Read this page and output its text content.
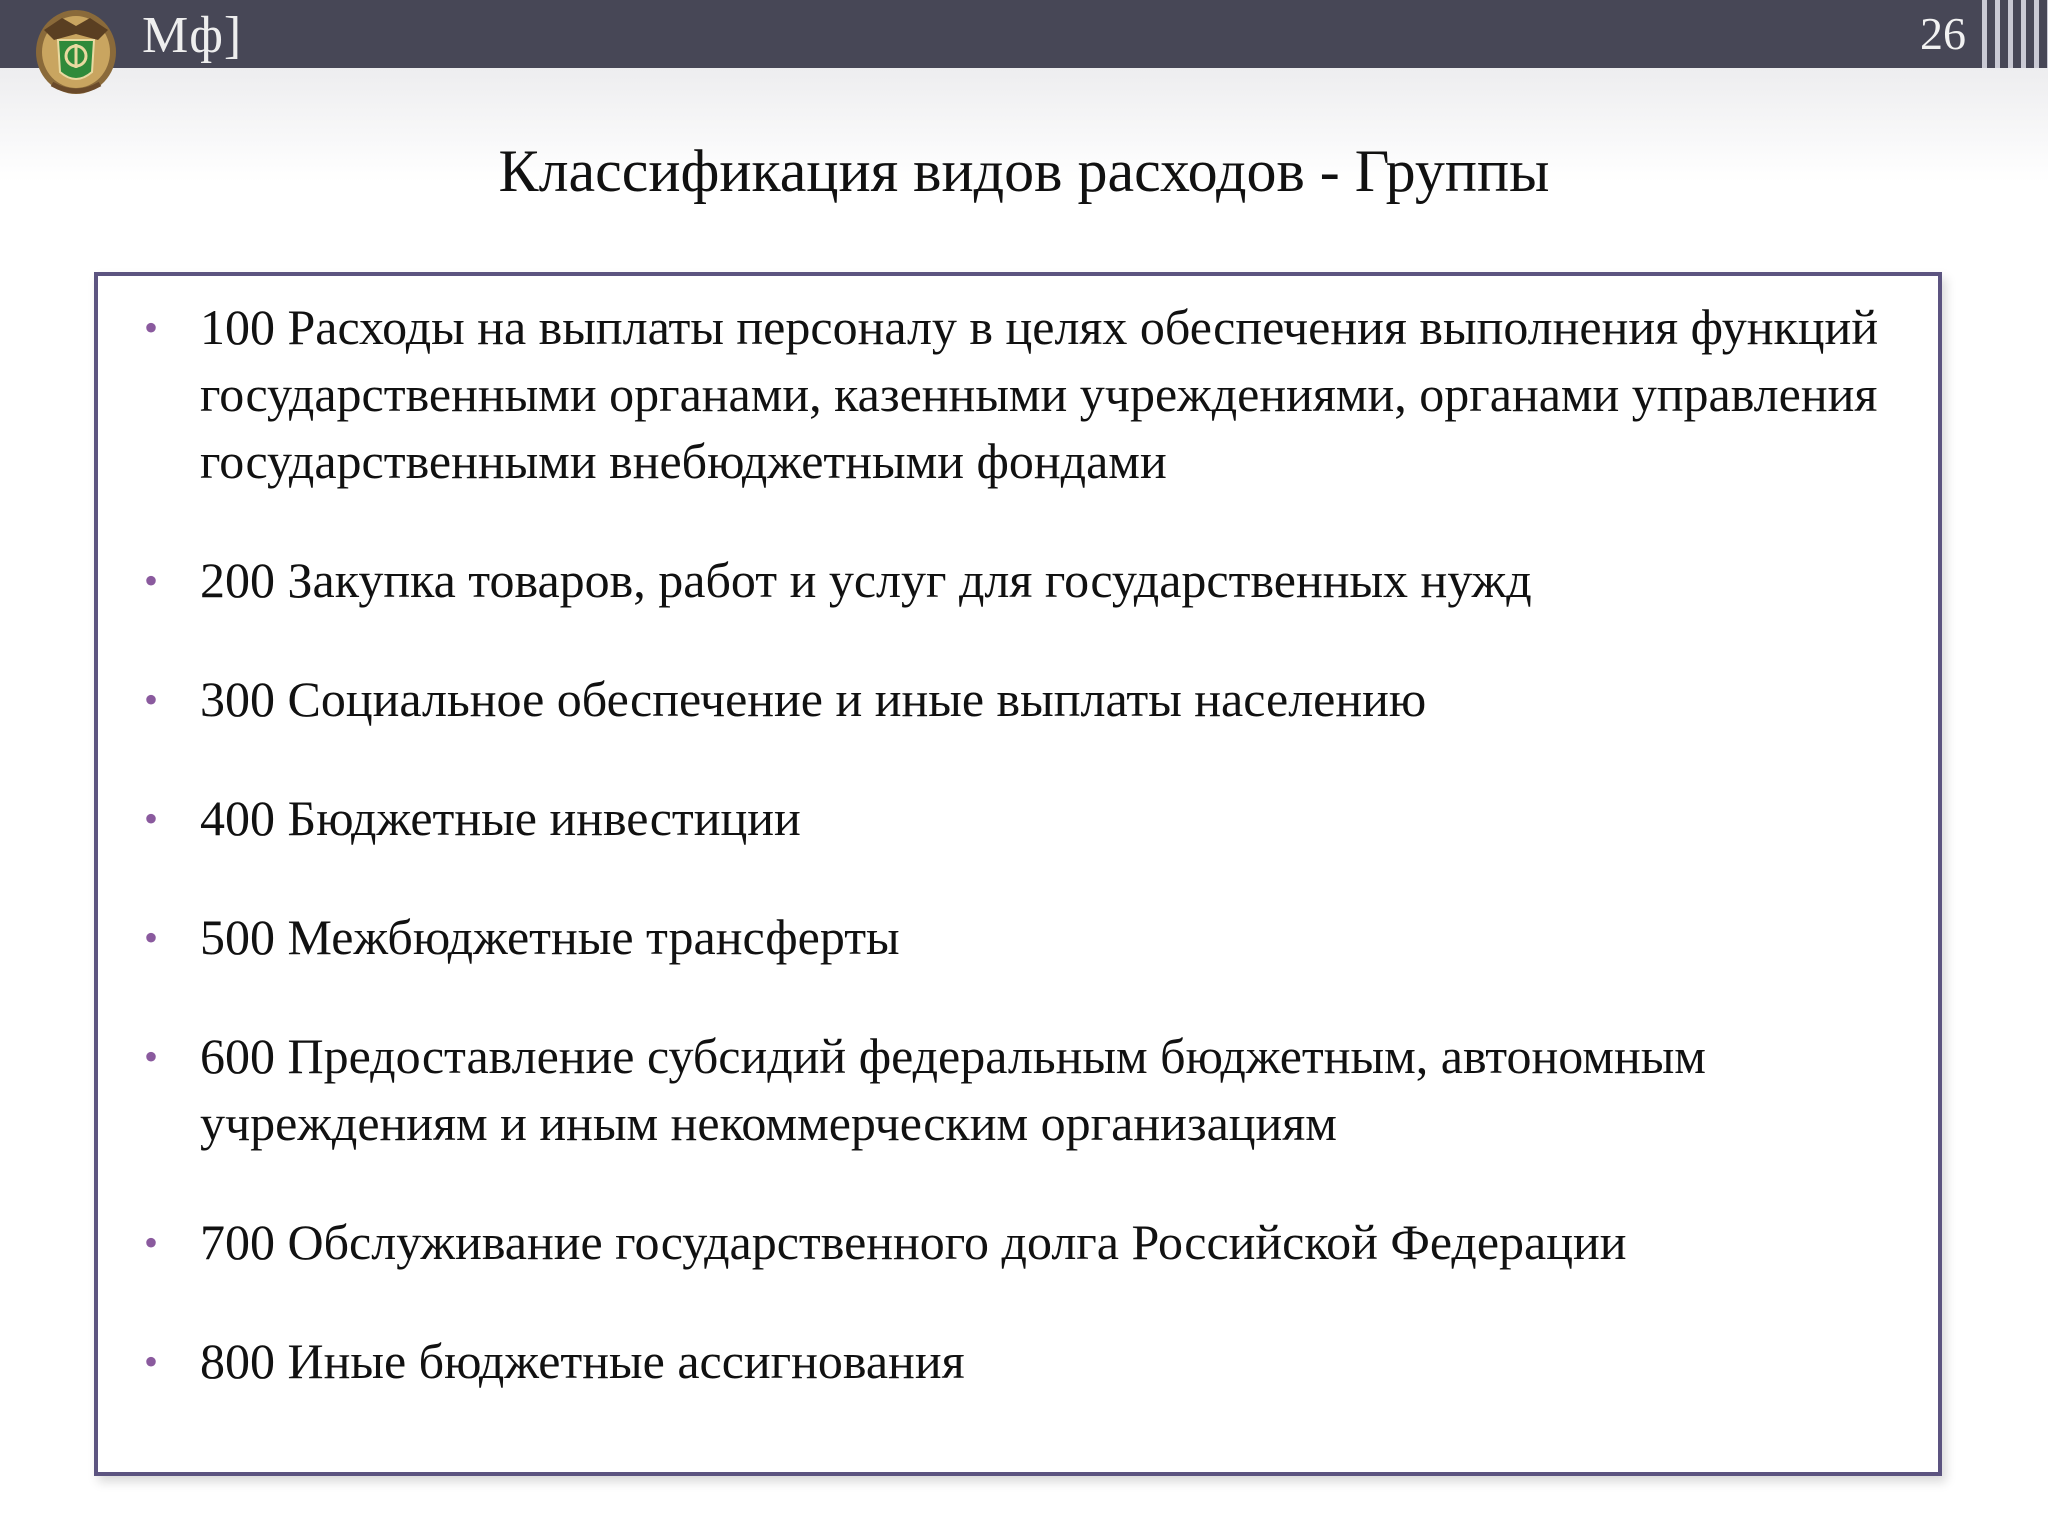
Мф]	26
Классификация видов расходов - Группы
• 100 Расходы на выплаты персоналу в целях обеспечения выполнения функций государственными органами, казенными учреждениями, органами управления государственными внебюджетными фондами
• 200 Закупка товаров, работ и услуг для государственных нужд
• 300 Социальное обеспечение и иные выплаты населению
• 400 Бюджетные инвестиции
• 500 Межбюджетные трансферты
• 600 Предоставление субсидий федеральным бюджетным, автономным учреждениям и иным некоммерческим организациям
• 700 Обслуживание государственного долга Российской Федерации
• 800 Иные бюджетные ассигнования
